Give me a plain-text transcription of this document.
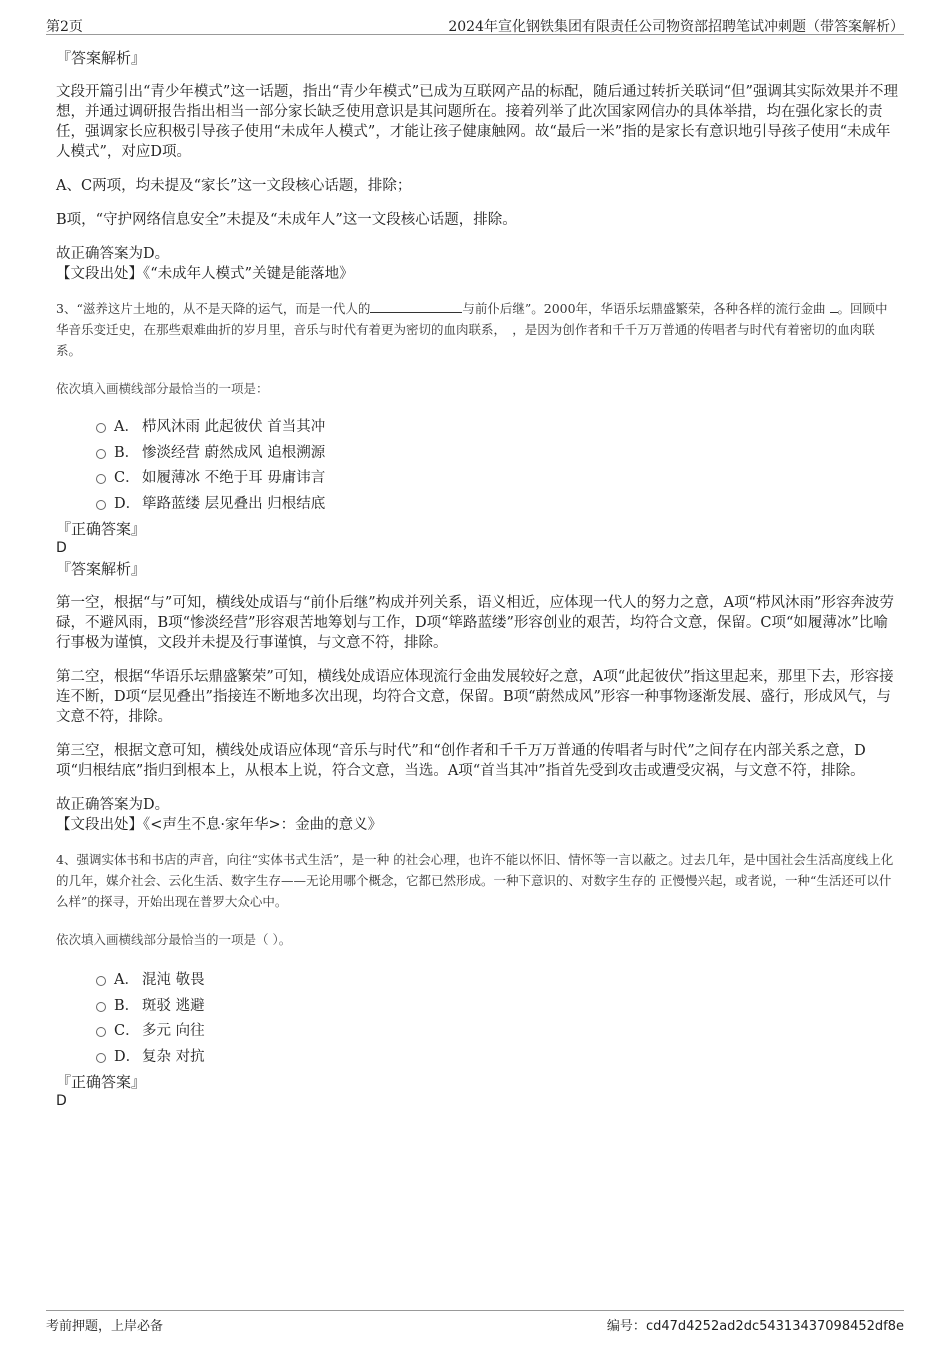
第2页	2024年宣化钢铁集团有限责任公司物资部招聘笔试冲刺题（带答案解析）

『答案解析』

文段开篇引出“青少年模式”这一话题，指出“青少年模式”已成为互联网产品的标配，随后通过转折关联词“但”强调其实际效果并不理想，并通过调研报告指出相当一部分家长缺乏使用意识是其问题所在。接着列举了此次国家网信办的具体举措，均在强化家长的责任，强调家长应积极引导孩子使用“未成年人模式”，才能让孩子健康触网。故“最后一米”指的是家长有意识地引导孩子使用“未成年人模式”，对应D项。

A、C两项，均未提及“家长”这一文段核心话题，排除；

B项，“守护网络信息安全”未提及“未成年人”这一文段核心话题，排除。

故正确答案为D。

【文段出处】《“未成年人模式”关键是能落地》

3、“滋养这片土地的，从不是天降的运气，而是一代人的	与前仆后继”。2000年，华语乐坛鼎盛繁荣，各种各样的流行金曲 。回顾中华音乐变迁史，在那些艰难曲折的岁月里，音乐与时代有着更为密切的血肉联系，　，是因为创作者和千千万万普通的传唱者与时代有着密切的血肉联系。

依次填入画横线部分最恰当的一项是：

A． 栉风沐雨 此起彼伏 首当其冲
B． 惨淡经营 蔚然成风 追根溯源
C． 如履薄冰 不绝于耳 毋庸讳言
D． 筚路蓝缕 层见叠出 归根结底

『正确答案』

D

『答案解析』

第一空，根据“与”可知，横线处成语与“前仆后继”构成并列关系，语义相近，应体现一代人的努力之意，A项“栉风沐雨”形容奔波劳碌，不避风雨，B项“惨淡经营”形容艰苦地筹划与工作，D项“筚路蓝缕”形容创业的艰苦，均符合文意，保留。C项“如履薄冰”比喻行事极为谨慎，文段并未提及行事谨慎，与文意不符，排除。

第二空，根据“华语乐坛鼎盛繁荣”可知，横线处成语应体现流行金曲发展较好之意，A项“此起彼伏”指这里起来，那里下去，形容接连不断，D项“层见叠出”指接连不断地多次出现，均符合文意，保留。B项“蔚然成风”形容一种事物逐渐发展、盛行，形成风气，与文意不符，排除。

第三空，根据文意可知，横线处成语应体现“音乐与时代”和“创作者和千千万万普通的传唱者与时代”之间存在内部关系之意，D项“归根结底”指归到根本上，从根本上说，符合文意，当选。A项“首当其冲”指首先受到攻击或遭受灾祸，与文意不符，排除。

故正确答案为D。

【文段出处】《<声生不息·家年华>：金曲的意义》

4、强调实体书和书店的声音，向往“实体书式生活”，是一种 的社会心理，也许不能以怀旧、情怀等一言以蔽之。过去几年，是中国社会生活高度线上化的几年，媒介社会、云化生活、数字生存——无论用哪个概念，它都已然形成。一种下意识的、对数字生存的 正慢慢兴起，或者说，一种“生活还可以什么样”的探寻，开始出现在普罗大众心中。

依次填入画横线部分最恰当的一项是（ ）。

A． 混沌 敬畏
B． 斑驳 逃避
C． 多元 向往
D． 复杂 对抗

『正确答案』

D

考前押题，上岸必备	编号：cd47d4252ad2dc54313437098452df8e
